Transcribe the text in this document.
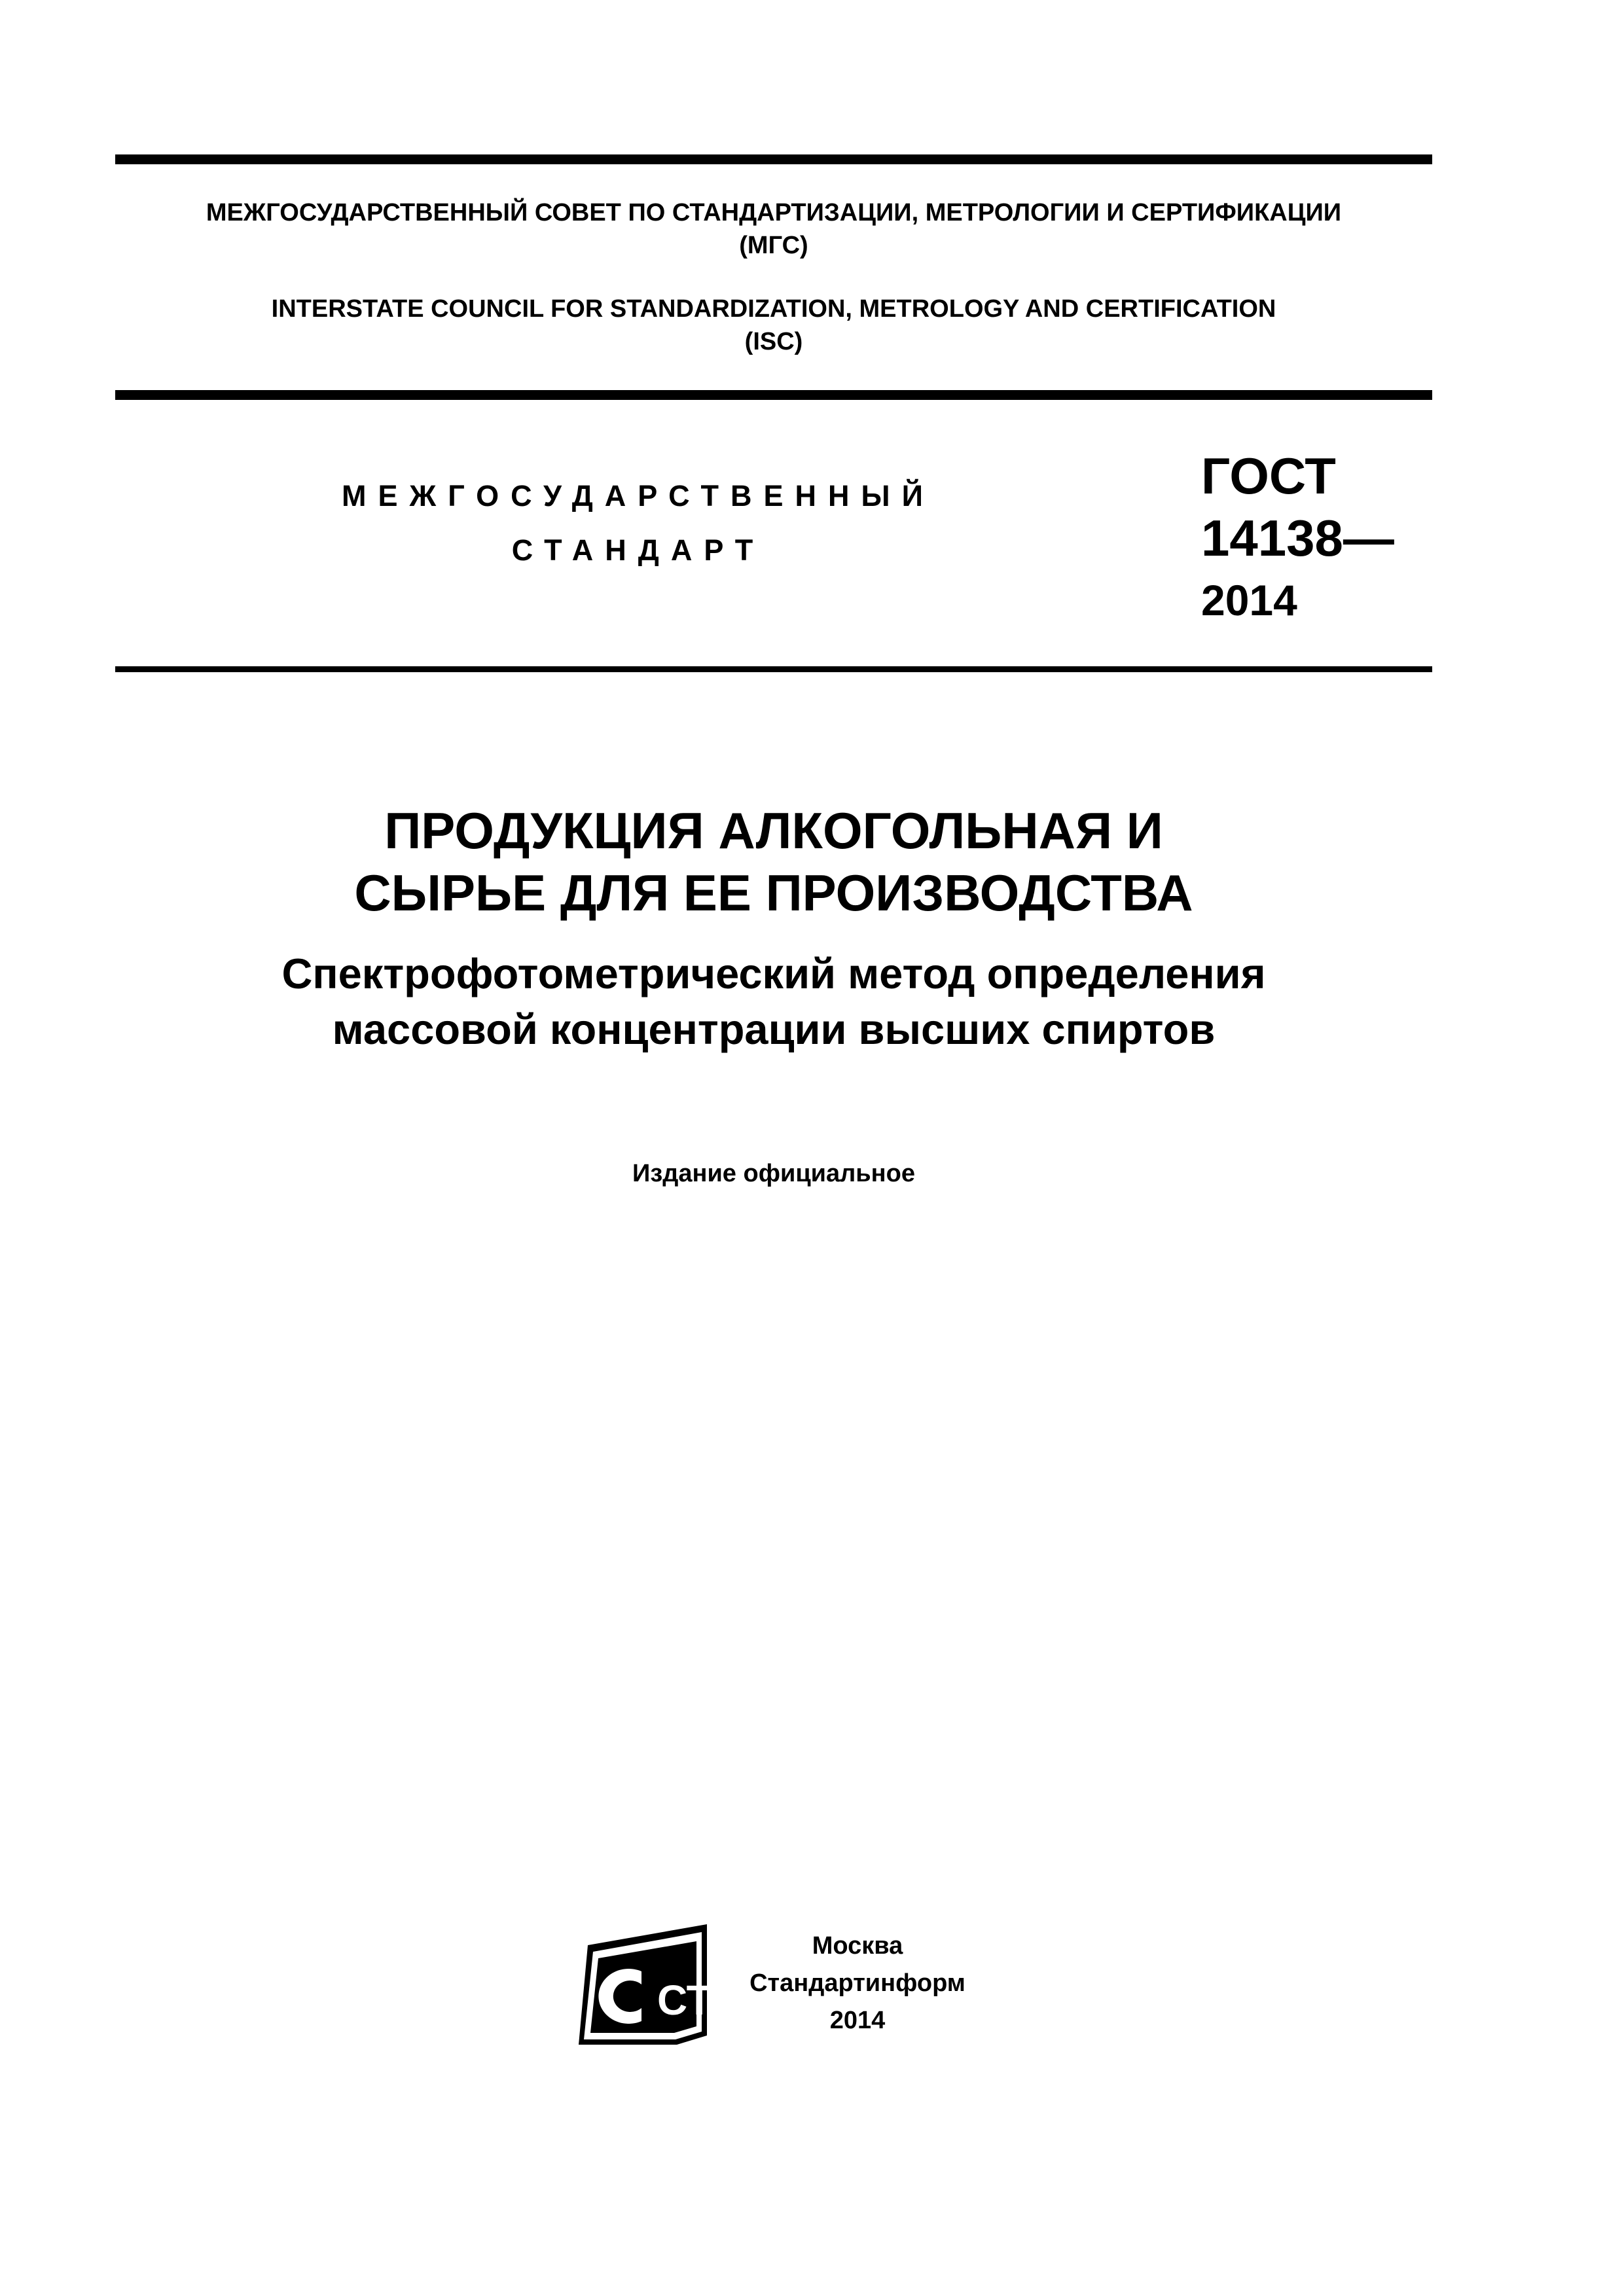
МЕЖГОСУДАРСТВЕННЫЙ СОВЕТ ПО СТАНДАРТИЗАЦИИ, МЕТРОЛОГИИ И СЕРТИФИКАЦИИ
(МГС)
INTERSTATE COUNCIL FOR STANDARDIZATION, METROLOGY AND CERTIFICATION
(ISC)
МЕЖГОСУДАРСТВЕННЫЙ
СТАНДАРТ
ГОСТ
14138—
2014
ПРОДУКЦИЯ АЛКОГОЛЬНАЯ И
СЫРЬЕ ДЛЯ ЕЕ ПРОИЗВОДСТВА
Спектрофотометрический метод определения
массовой концентрации высших спиртов
Издание официальное
СТИ
Москва
Стандартинформ
2014
